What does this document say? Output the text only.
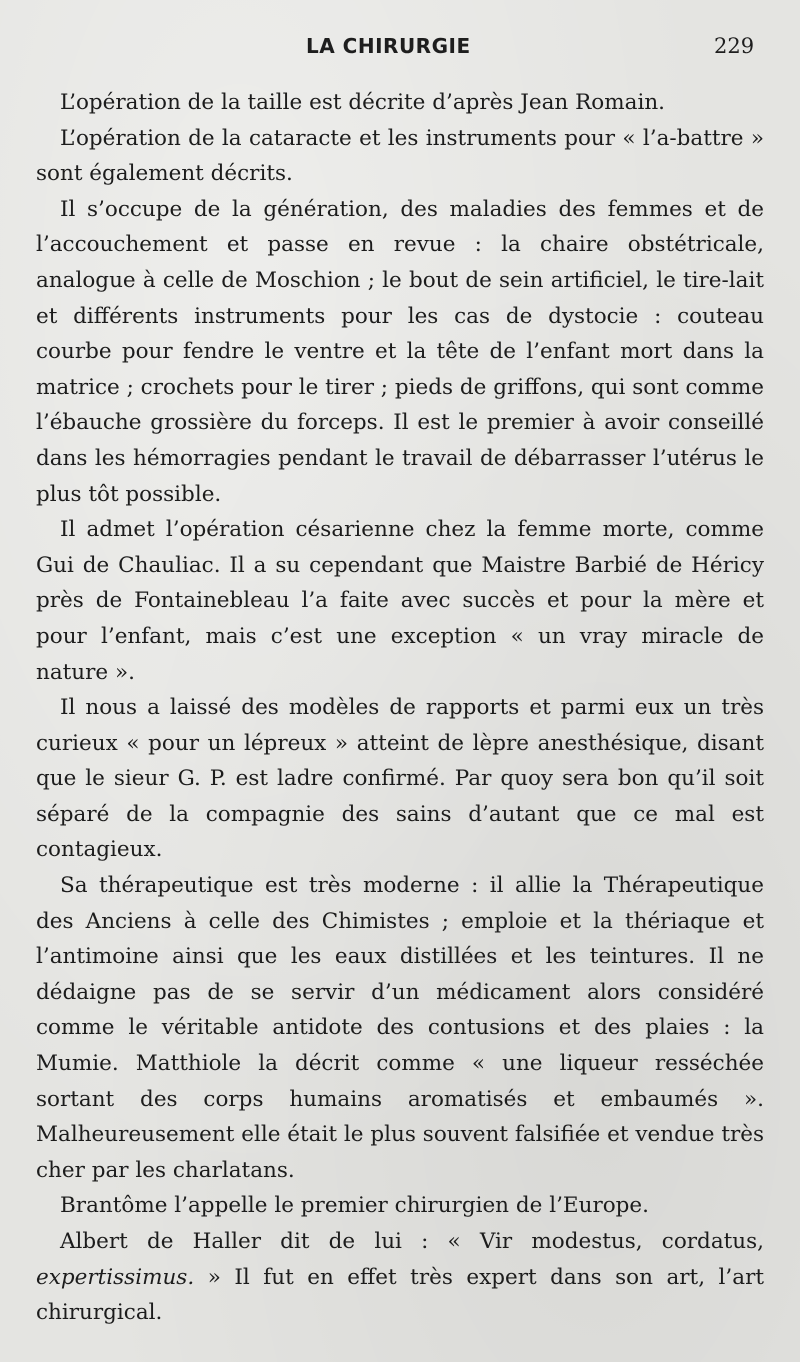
LA CHIRURGIE	229

L’opération de la taille est décrite d’après Jean Romain.

L’opération de la cataracte et les instruments pour « l’a-battre » sont également décrits.

Il s’occupe de la génération, des maladies des femmes et de l’accouchement et passe en revue : la chaire obstétricale, analogue à celle de Moschion ; le bout de sein artificiel, le tire-lait et différents instruments pour les cas de dystocie : couteau courbe pour fendre le ventre et la tête de l’enfant mort dans la matrice ; crochets pour le tirer ; pieds de griffons, qui sont comme l’ébauche grossière du forceps. Il est le premier à avoir conseillé dans les hémorragies pendant le travail de débarrasser l’utérus le plus tôt possible.

Il admet l’opération césarienne chez la femme morte, comme Gui de Chauliac. Il a su cependant que Maistre Barbié de Héricy près de Fontainebleau l’a faite avec succès et pour la mère et pour l’enfant, mais c’est une exception « un vray miracle de nature ».

Il nous a laissé des modèles de rapports et parmi eux un très curieux « pour un lépreux » atteint de lèpre anesthésique, disant que le sieur G. P. est ladre confirmé. Par quoy sera bon qu’il soit séparé de la compagnie des sains d’autant que ce mal est contagieux.

Sa thérapeutique est très moderne : il allie la Thérapeutique des Anciens à celle des Chimistes ; emploie et la thériaque et l’antimoine ainsi que les eaux distillées et les teintures. Il ne dédaigne pas de se servir d’un médicament alors considéré comme le véritable antidote des contusions et des plaies : la Mumie. Matthiole la décrit comme « une liqueur resséchée sortant des corps humains aromatisés et embaumés ». Malheureusement elle était le plus souvent falsifiée et vendue très cher par les charlatans.

Brantôme l’appelle le premier chirurgien de l’Europe.

Albert de Haller dit de lui : « Vir modestus, cordatus, expertissimus. » Il fut en effet très expert dans son art, l’art chirurgical.
